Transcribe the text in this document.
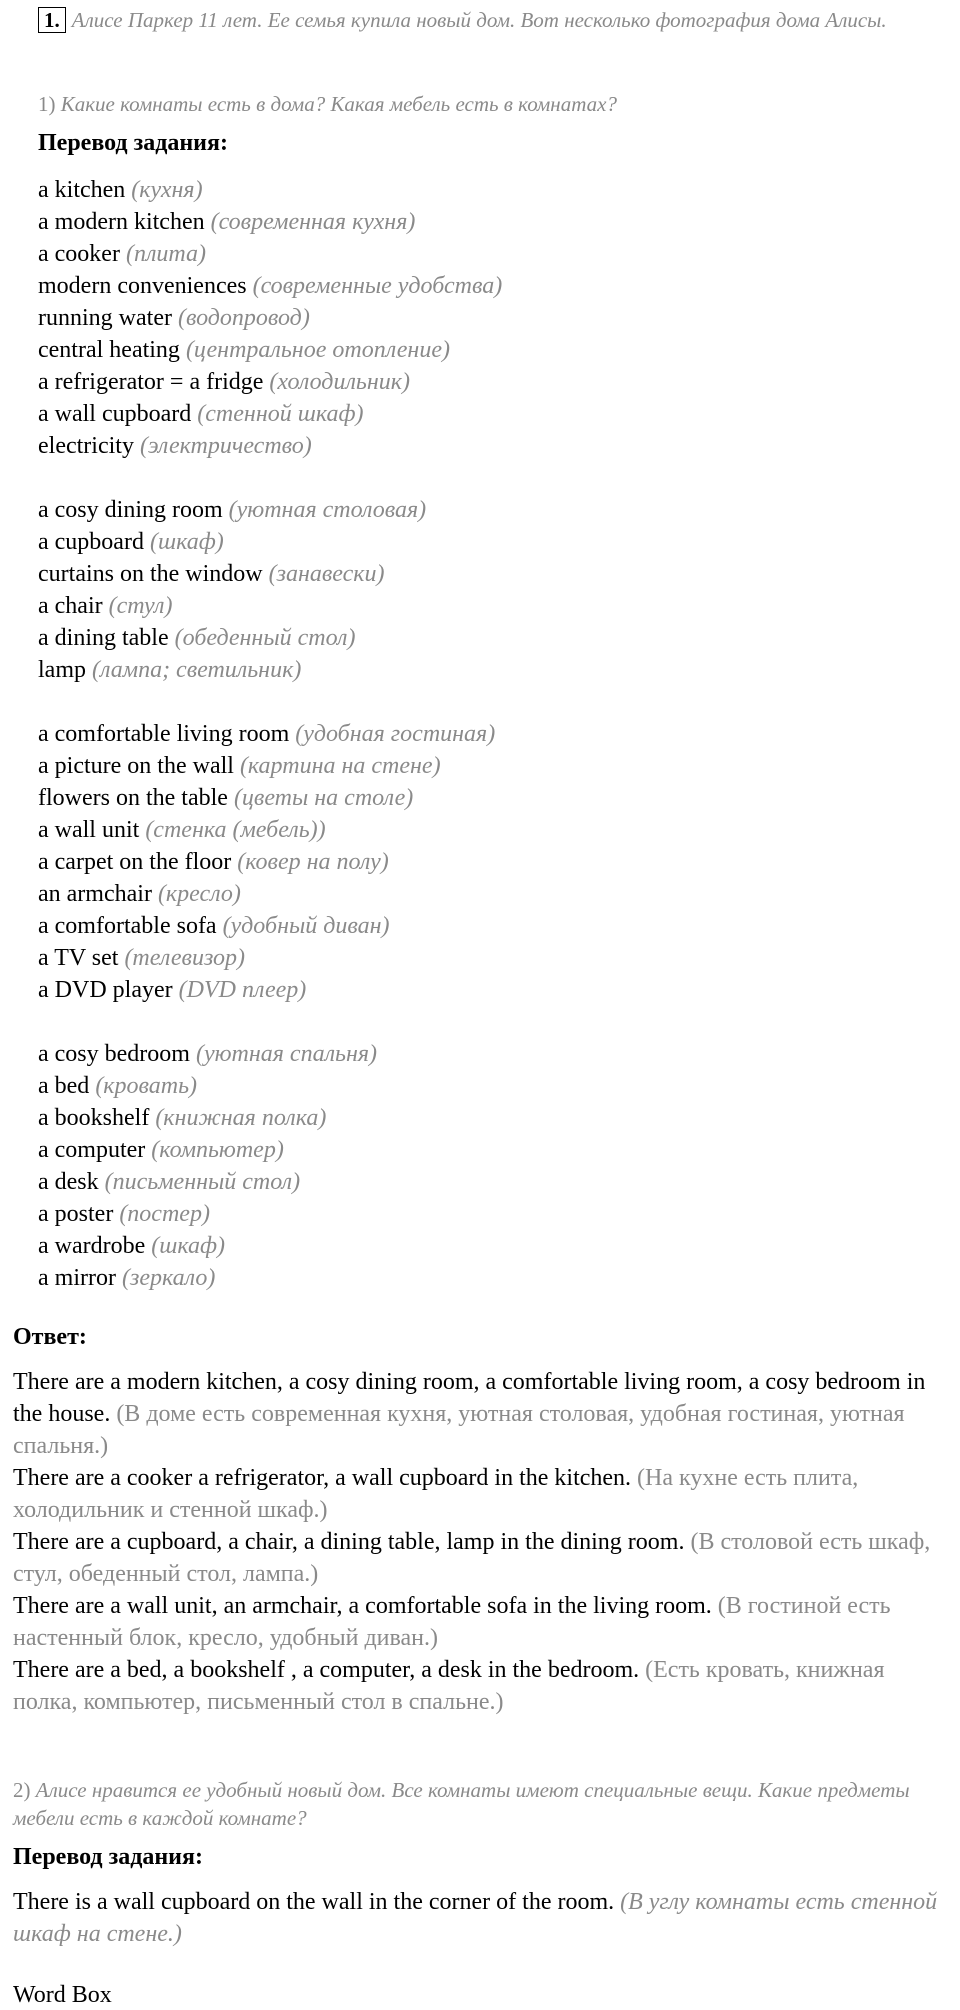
1. Алисе Паркер 11 лет. Ее семья купила новый дом. Вот несколько фотография дома Алисы.
1) Какие комнаты есть в дома? Какая мебель есть в комнатах?
Перевод задания:
a kitchen (кухня)
a modern kitchen (современная кухня)
a cooker (плита)
modern conveniences (современные удобства)
running water (водопровод)
central heating (центральное отопление)
a refrigerator = a fridge (холодильник)
a wall cupboard (стенной шкаф)
electricity (электричество)
a cosy dining room (уютная столовая)
a cupboard (шкаф)
curtains on the window (занавески)
a chair (стул)
a dining table (обеденный стол)
lamp (лампа; светильник)
a comfortable living room (удобная гостиная)
a picture on the wall (картина на стене)
flowers on the table (цветы на столе)
a wall unit (стенка (мебель))
a carpet on the floor (ковер на полу)
an armchair (кресло)
a comfortable sofa (удобный диван)
a TV set (телевизор)
a DVD player (DVD плеер)
a cosy bedroom (уютная спальня)
a bed (кровать)
a bookshelf (книжная полка)
a computer (компьютер)
a desk (письменный стол)
a poster (постер)
a wardrobe (шкаф)
a mirror (зеркало)
Ответ:

There are a modern kitchen, a cosy dining room, a comfortable living room, a cosy bedroom in the house. (В доме есть современная кухня, уютная столовая, удобная гостиная, уютная спальня.)

There are a cooker a refrigerator, a wall cupboard in the kitchen. (На кухне есть плита, холодильник и стенной шкаф.)

There are a cupboard, a chair, a dining table, lamp in the dining room. (В столовой есть шкаф, стул, обеденный стол, лампа.)

There are a wall unit, an armchair, a comfortable sofa in the living room. (В гостиной есть настенный блок, кресло, удобный диван.)

There are a bed, a bookshelf , a computer, a desk in the bedroom. (Есть кровать, книжная полка, компьютер, письменный стол в спальне.)

2) Алисе нравится ее удобный новый дом. Все комнаты имеют специальные вещи. Какие предметы мебели есть в каждой комнате?
Перевод задания:
There is a wall cupboard on the wall in the corner of the room. (В углу комнаты есть стенной шкаф на стене.)
Word Box
